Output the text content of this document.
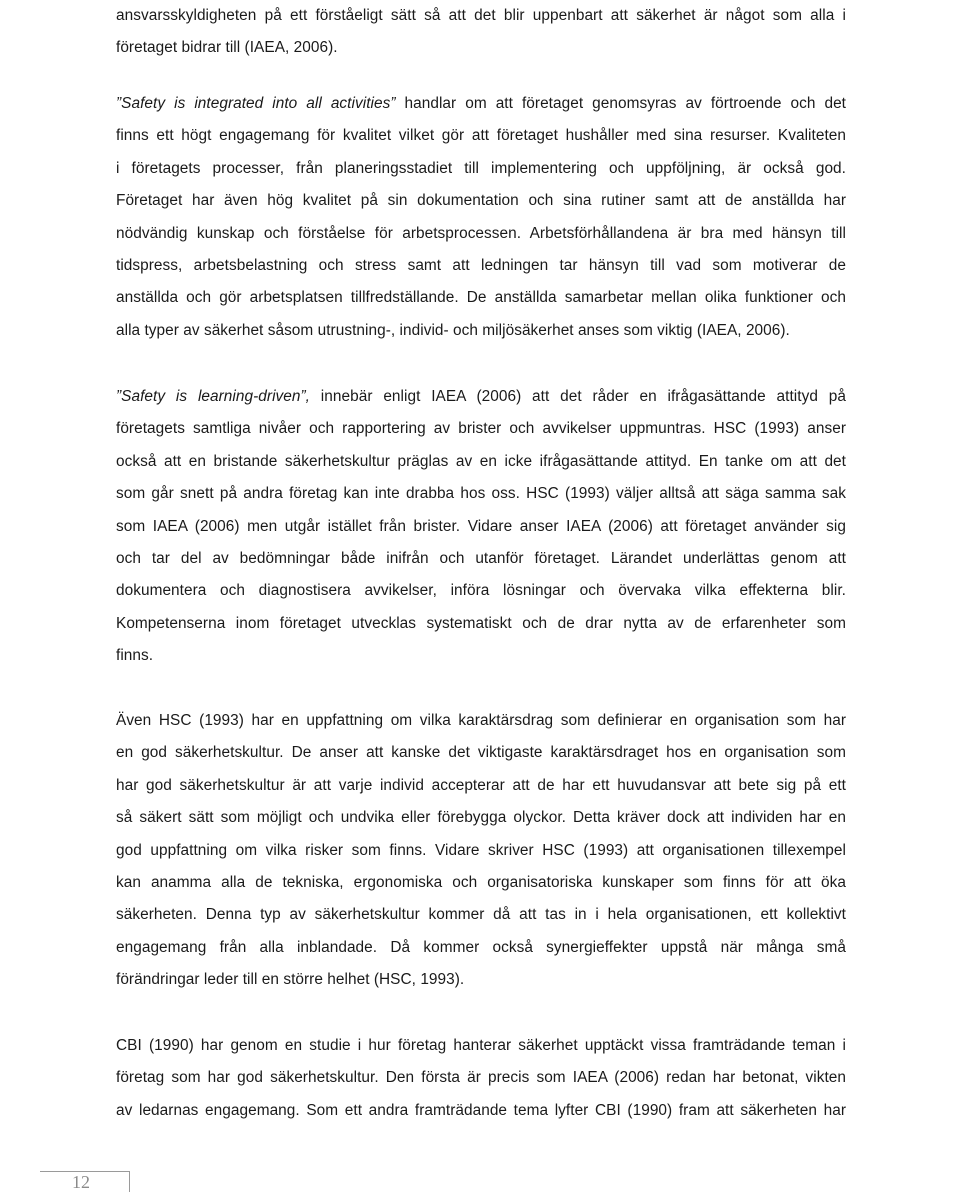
ansvarsskyldigheten på ett förståeligt sätt så att det blir uppenbart att säkerhet är något som alla i
företaget bidrar till (IAEA, 2006).
”Safety is integrated into all activities” handlar om att företaget genomsyras av förtroende och det
finns ett högt engagemang för kvalitet vilket gör att företaget hushåller med sina resurser. Kvaliteten
i företagets processer, från planeringsstadiet till implementering och uppföljning, är också god.
Företaget har även hög kvalitet på sin dokumentation och sina rutiner samt att de anställda har
nödvändig kunskap och förståelse för arbetsprocessen. Arbetsförhållandena är bra med hänsyn till
tidspress, arbetsbelastning och stress samt att ledningen tar hänsyn till vad som motiverar de
anställda och gör arbetsplatsen tillfredställande. De anställda samarbetar mellan olika funktioner och
alla typer av säkerhet såsom utrustning-, individ- och miljösäkerhet anses som viktig (IAEA, 2006).
”Safety is learning-driven”, innebär enligt IAEA (2006) att det råder en ifrågasättande attityd på
företagets samtliga nivåer och rapportering av brister och avvikelser uppmuntras. HSC (1993) anser
också att en bristande säkerhetskultur präglas av en icke ifrågasättande attityd. En tanke om att det
som går snett på andra företag kan inte drabba hos oss. HSC (1993) väljer alltså att säga samma sak
som IAEA (2006) men utgår istället från brister. Vidare anser IAEA (2006) att företaget använder sig
och tar del av bedömningar både inifrån och utanför företaget. Lärandet underlättas genom att
dokumentera och diagnostisera avvikelser, införa lösningar och övervaka vilka effekterna blir.
Kompetenserna inom företaget utvecklas systematiskt och de drar nytta av de erfarenheter som
finns.
Även HSC (1993) har en uppfattning om vilka karaktärsdrag som definierar en organisation som har
en god säkerhetskultur. De anser att kanske det viktigaste karaktärsdraget hos en organisation som
har god säkerhetskultur är att varje individ accepterar att de har ett huvudansvar att bete sig på ett
så säkert sätt som möjligt och undvika eller förebygga olyckor. Detta kräver dock att individen har en
god uppfattning om vilka risker som finns. Vidare skriver HSC (1993) att organisationen tillexempel
kan anamma alla de tekniska, ergonomiska och organisatoriska kunskaper som finns för att öka
säkerheten. Denna typ av säkerhetskultur kommer då att tas in i hela organisationen, ett kollektivt
engagemang från alla inblandade. Då kommer också synergieffekter uppstå när många små
förändringar leder till en större helhet (HSC, 1993).
CBI (1990) har genom en studie i hur företag hanterar säkerhet upptäckt vissa framträdande teman i
företag som har god säkerhetskultur. Den första är precis som IAEA (2006) redan har betonat, vikten
av ledarnas engagemang. Som ett andra framträdande tema lyfter CBI (1990) fram att säkerheten har
12
